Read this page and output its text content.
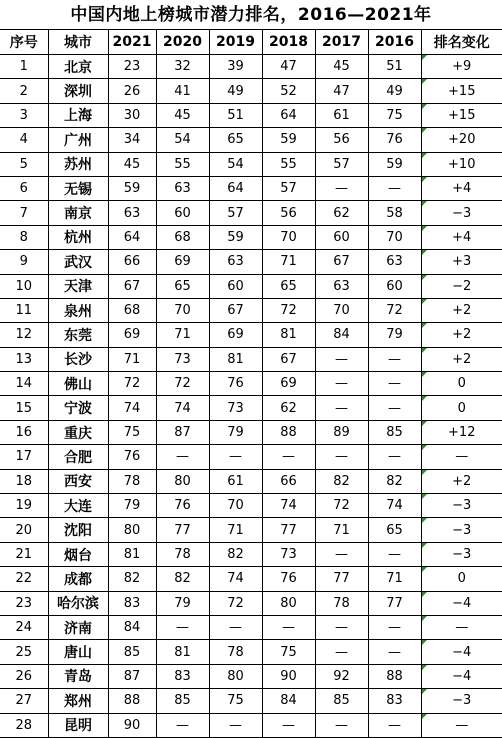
中国内地上榜城市潜力排名，2016—2021年
序号	城市	2021	2020	2019	2018	2017	2016	排名变化
1	北京	23	32	39	47	45	51	+9
2	深圳	26	41	49	52	47	49	+15
3	上海	30	45	51	64	61	75	+15
4	广州	34	54	65	59	56	76	+20
5	苏州	45	55	54	55	57	59	+10
6	无锡	59	63	64	57	—	—	+4
7	南京	63	60	57	56	62	58	−3
8	杭州	64	68	59	70	60	70	+4
9	武汉	66	69	63	71	67	63	+3
10	天津	67	65	60	65	63	60	−2
11	泉州	68	70	67	72	70	72	+2
12	东莞	69	71	69	81	84	79	+2
13	长沙	71	73	81	67	—	—	+2
14	佛山	72	72	76	69	—	—	0
15	宁波	74	74	73	62	—	—	0
16	重庆	75	87	79	88	89	85	+12
17	合肥	76	—	—	—	—	—	—
18	西安	78	80	61	66	82	82	+2
19	大连	79	76	70	74	72	74	−3
20	沈阳	80	77	71	77	71	65	−3
21	烟台	81	78	82	73	—	—	−3
22	成都	82	82	74	76	77	71	0
23	哈尔滨	83	79	72	80	78	77	−4
24	济南	84	—	—	—	—	—	—
25	唐山	85	81	78	75	—	—	−4
26	青岛	87	83	80	90	92	88	−4
27	郑州	88	85	75	84	85	83	−3
28	昆明	90	—	—	—	—	—	—
